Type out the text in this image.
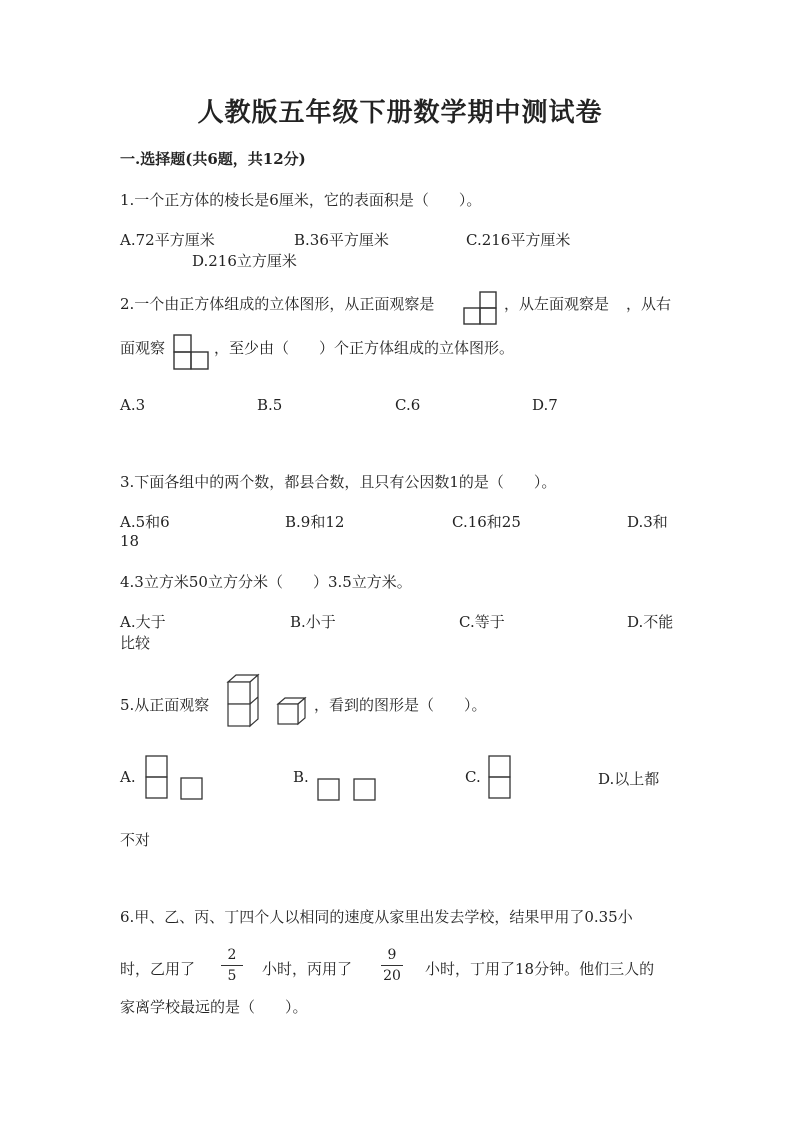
人教版五年级下册数学期中测试卷
一.选择题(共6题，共12分)
1.一个正方体的棱长是6厘米，它的表面积是（　　）。
A.72平方厘米	B.36平方厘米	C.216平方厘米
D.216立方厘米
2.一个由正方体组成的立体图形，从正面观察是	，从左面观察是 ，从右
面观察	，至少由（　　）个正方体组成的立体图形。
A.3	B.5	C.6	D.7
3.下面各组中的两个数，都县合数，且只有公因数1的是（　　）。
A.5和6	B.9和12	C.16和25	D.3和
18
4.3立方米50立方分米（　　）3.5立方米。
A.大于	B.小于	C.等于	D.不能
比较
5.从正面观察	，看到的图形是（　　）。
A.	B.	C.	D.以上都
不对
6.甲、乙、丙、丁四个人以相同的速度从家里出发去学校，结果甲用了0.35小
时，乙用了
2
5	小时，丙用了
9
20	小时，丁用了18分钟。他们三人的
家离学校最远的是（　　）。
